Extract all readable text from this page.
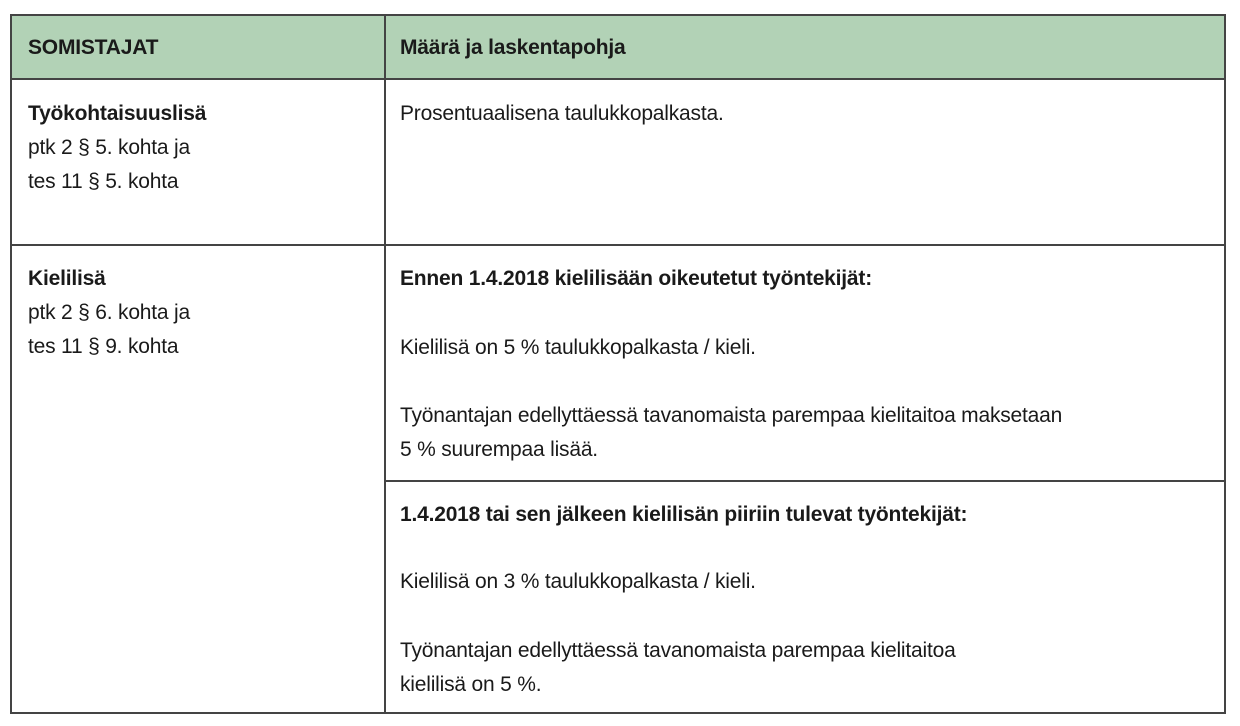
SOMISTAJAT	Määrä ja laskentapohja
Työkohtaisuuslisä
ptk 2 § 5. kohta ja
tes 11 § 5. kohta
Prosentuaalisena taulukkopalkasta.
Kielilisä
ptk 2 § 6. kohta ja
tes 11 § 9. kohta
Ennen 1.4.2018 kielilisään oikeutetut työntekijät:
Kielilisä on 5 % taulukkopalkasta / kieli.
Työnantajan edellyttäessä tavanomaista parempaa kielitaitoa maksetaan
5 % suurempaa lisää.
1.4.2018 tai sen jälkeen kielilisän piiriin tulevat työntekijät:
Kielilisä on 3 % taulukkopalkasta / kieli.
Työnantajan edellyttäessä tavanomaista parempaa kielitaitoa
kielilisä on 5 %.
